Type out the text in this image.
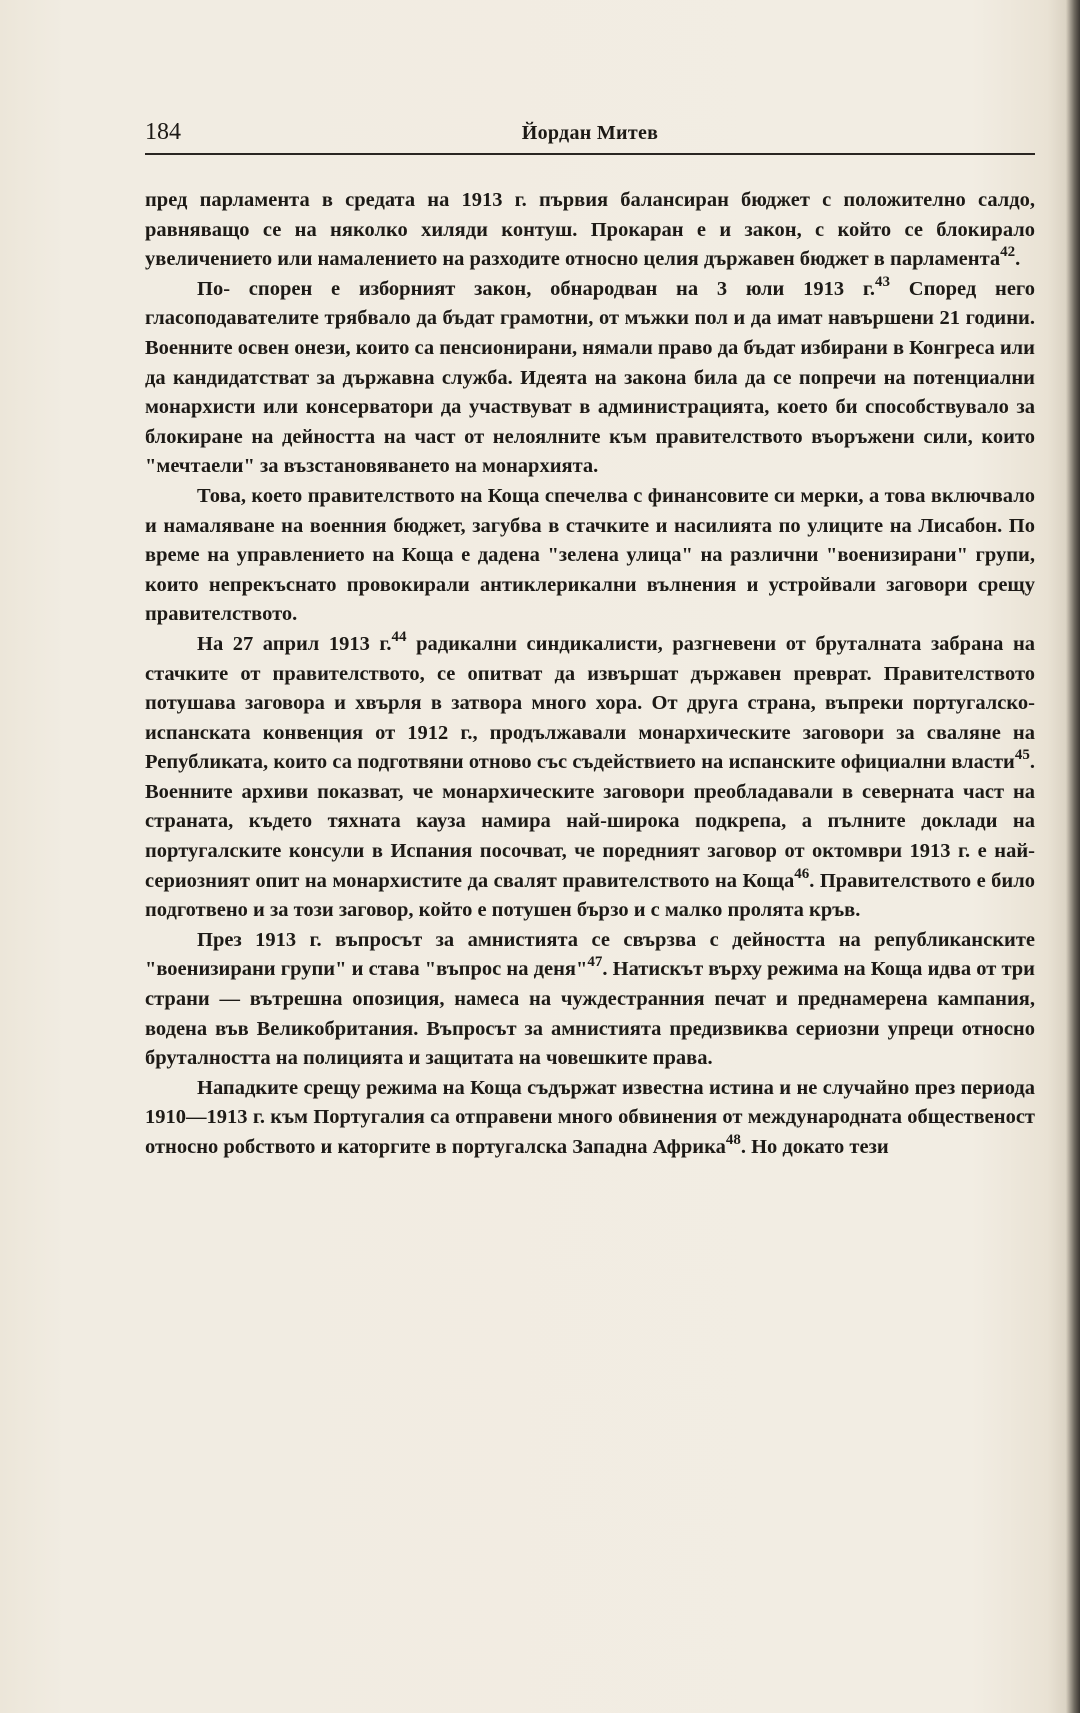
184	Йордан Митев

пред парламента в средата на 1913 г. първия балансиран бюджет с положително салдо, равняващо се на няколко хиляди контуш. Прокаран е и закон, с който се блокирало увеличението или намалението на разходите относно целия държавен бюджет в парламента$^{42}$.

По- спорен е изборният закон, обнародван на 3 юли 1913 г.$^{43}$ Според него гласоподавателите трябвало да бъдат грамотни, от мъжки пол и да имат навършени 21 години. Военните освен онези, които са пенсионирани, нямали право да бъдат избирани в Конгреса или да кандидатстват за държавна служба. Идеята на закона била да се попречи на потенциални монархисти или консерватори да участвуват в администрацията, което би способствувало за блокиране на дейността на част от нелоялните към правителството въоръжени сили, които "мечтаели" за възстановяването на монархията.

Това, което правителството на Коща спечелва с финансовите си мерки, а това включвало и намаляване на военния бюджет, загубва в стачките и насилията по улиците на Лисабон. По време на управлението на Коща е дадена "зелена улица" на различни "военизирани" групи, които непрекъснато провокирали антиклерикални вълнения и устройвали заговори срещу правителството.

На 27 април 1913 г.$^{44}$ радикални синдикалисти, разгневени от бруталната забрана на стачките от правителството, се опитват да извършат държавен преврат. Правителството потушава заговора и хвърля в затвора много хора. От друга страна, въпреки португалско-испанската конвенция от 1912 г., продължавали монархическите заговори за сваляне на Републиката, които са подготвяни отново със съдействието на испанските официални власти$^{45}$. Военните архиви показват, че монархическите заговори преобладавали в северната част на страната, където тяхната кауза намира най-широка подкрепа, а пълните доклади на португалските консули в Испания посочват, че поредният заговор от октомври 1913 г. е най-сериозният опит на монархистите да свалят правителството на Коща$^{46}$. Правителството е било подготвено и за този заговор, който е потушен бързо и с малко пролята кръв.

През 1913 г. въпросът за амнистията се свързва с дейността на републиканските "военизирани групи" и става "въпрос на деня"$^{47}$. Натискът върху режима на Коща идва от три страни — вътрешна опозиция, намеса на чуждестранния печат и преднамерена кампания, водена във Великобритания. Въпросът за амнистията предизвиква сериозни упреци относно бруталността на полицията и защитата на човешките права.

Нападките срещу режима на Коща съдържат известна истина и не случайно през периода 1910—1913 г. към Португалия са отправени много обвинения от международната общественост относно робството и каторгите в португалска Западна Африка$^{48}$. Но докато тези
